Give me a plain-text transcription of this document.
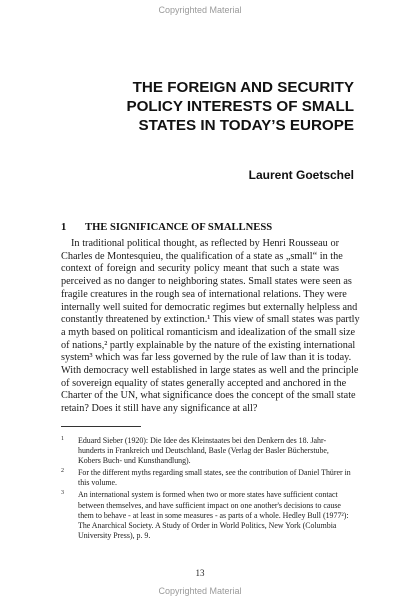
Copyrighted Material
THE FOREIGN AND SECURITY
POLICY INTERESTS OF SMALL
STATES IN TODAY’S EUROPE
Laurent Goetschel
1 THE SIGNIFICANCE OF SMALLNESS
In traditional political thought, as reflected by Henri Rousseau or
Charles de Montesquieu, the qualification of a state as „small“ in the
context of foreign and security policy meant that such a state was
perceived as no danger to neighboring states. Small states were seen as
fragile creatures in the rough sea of international relations. They were
internally well suited for democratic regimes but externally helpless and
constantly threatened by extinction.¹ This view of small states was partly
a myth based on political romanticism and idealization of the small size
of nations,² partly explainable by the nature of the existing international
system³ which was far less governed by the rule of law than it is today.
With democracy well established in large states as well and the principle
of sovereign equality of states generally accepted and anchored in the
Charter of the UN, what significance does the concept of the small state
retain? Does it still have any significance at all?
1 Eduard Sieber (1920): Die Idee des Kleinstaates bei den Denkern des 18. Jahr-
hunderts in Frankreich und Deutschland, Basle (Verlag der Basler Bücherstube,
Kobers Buch- und Kunsthandlung).
2 For the different myths regarding small states, see the contribution of Daniel Thürer in
this volume.
3 An international system is formed when two or more states have sufficient contact
between themselves, and have sufficient impact on one another's decisions to cause
them to behave - at least in some measures - as parts of a whole. Hedley Bull (1977²):
The Anarchical Society. A Study of Order in World Politics, New York (Columbia
University Press), p. 9.
13
Copyrighted Material
